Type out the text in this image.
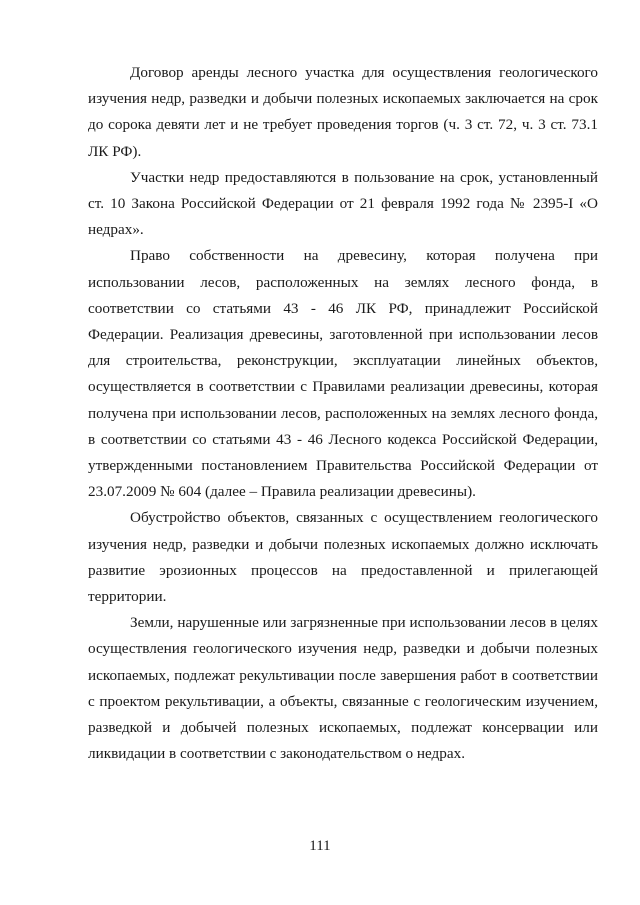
Договор аренды лесного участка для осуществления геологического изучения недр, разведки и добычи полезных ископаемых заключается на срок до сорока девяти лет и не требует проведения торгов (ч. 3 ст. 72, ч. 3 ст. 73.1 ЛК РФ).

Участки недр предоставляются в пользование на срок, установленный ст. 10 Закона Российской Федерации от 21 февраля 1992 года № 2395-I «О недрах».

Право собственности на древесину, которая получена при использовании лесов, расположенных на землях лесного фонда, в соответствии со статьями 43 - 46 ЛК РФ, принадлежит Российской Федерации. Реализация древесины, заготовленной при использовании лесов для строительства, реконструкции, эксплуатации линейных объектов, осуществляется в соответствии с Правилами реализации древесины, которая получена при использовании лесов, расположенных на землях лесного фонда, в соответствии со статьями 43 - 46 Лесного кодекса Российской Федерации, утвержденными постановлением Правительства Российской Федерации от 23.07.2009 № 604 (далее – Правила реализации древесины).

Обустройство объектов, связанных с осуществлением геологического изучения недр, разведки и добычи полезных ископаемых должно исключать развитие эрозионных процессов на предоставленной и прилегающей территории.

Земли, нарушенные или загрязненные при использовании лесов в целях осуществления геологического изучения недр, разведки и добычи полезных ископаемых, подлежат рекультивации после завершения работ в соответствии с проектом рекультивации, а объекты, связанные с геологическим изучением, разведкой и добычей полезных ископаемых, подлежат консервации или ликвидации в соответствии с законодательством о недрах.

111
